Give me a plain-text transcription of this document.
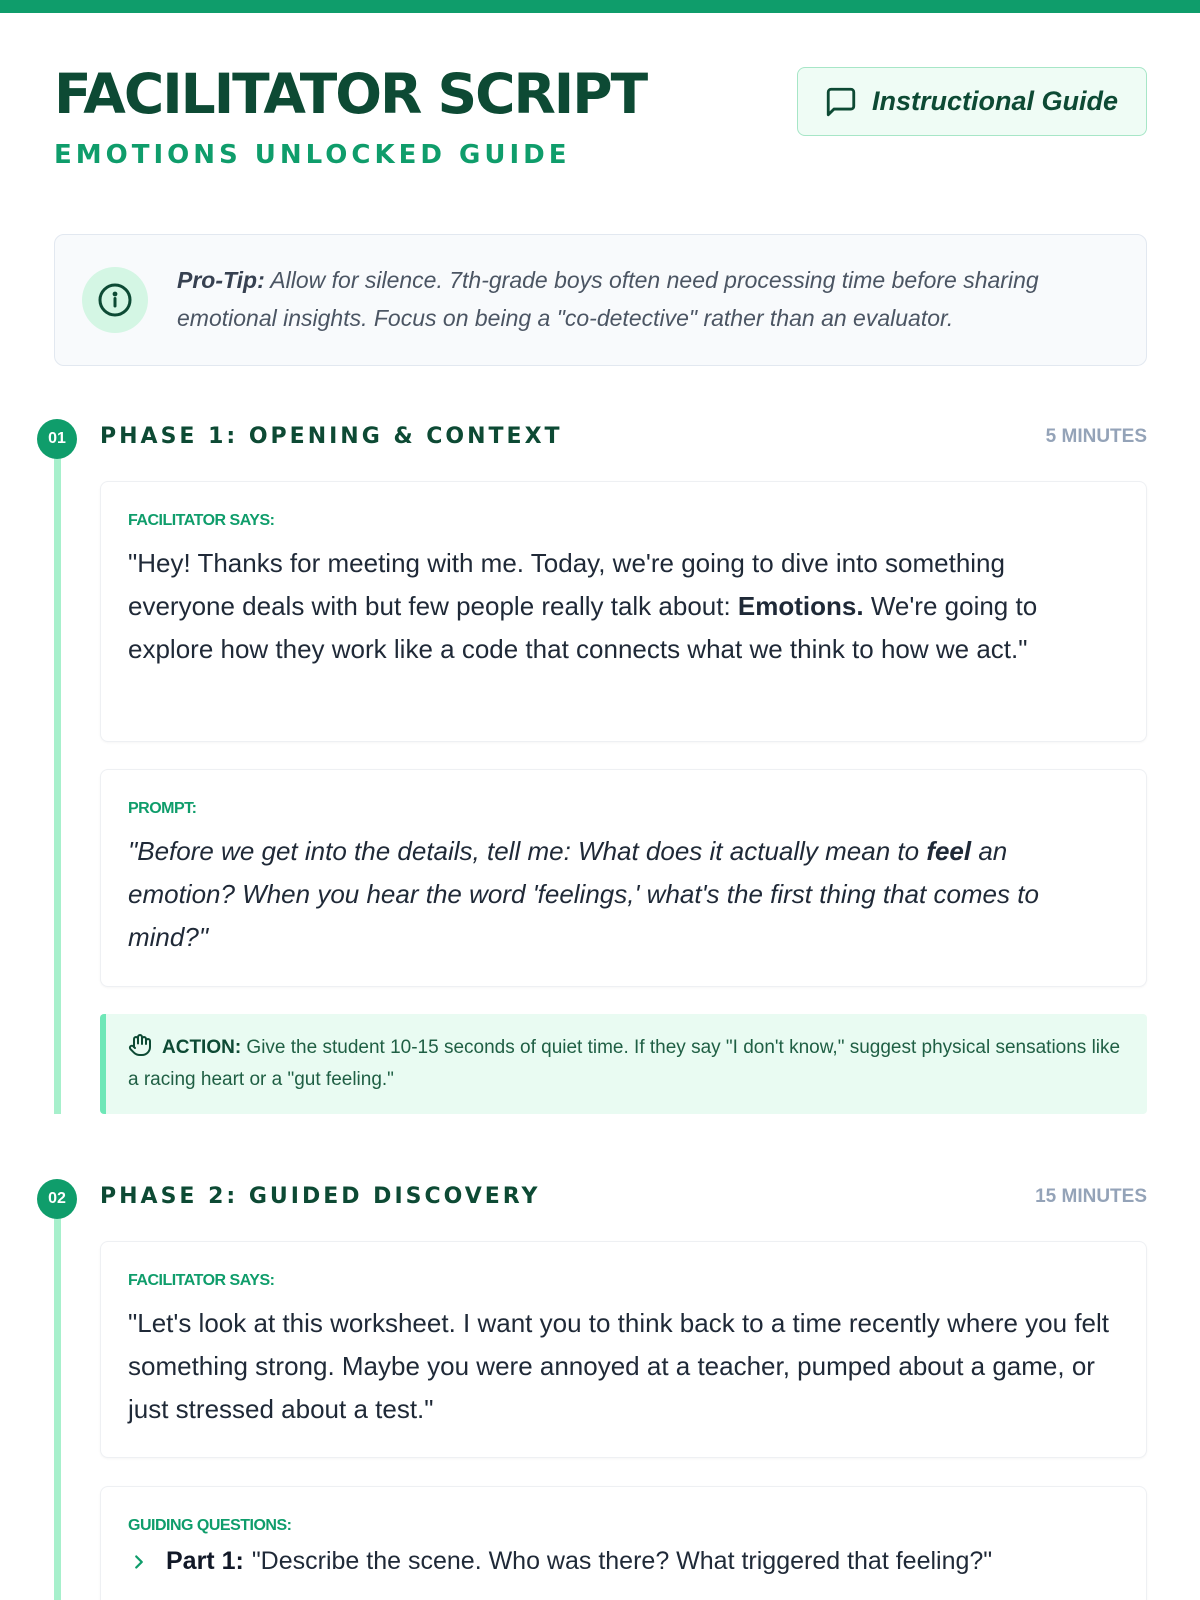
FACILITATOR SCRIPT
EMOTIONS UNLOCKED GUIDE
Instructional Guide
Pro-Tip: Allow for silence. 7th-grade boys often need processing time before sharing emotional insights. Focus on being a "co-detective" rather than an evaluator.
01	PHASE 1: OPENING & CONTEXT	5 MINUTES
FACILITATOR SAYS:
"Hey! Thanks for meeting with me. Today, we're going to dive into something everyone deals with but few people really talk about: Emotions. We're going to explore how they work like a code that connects what we think to how we act."
PROMPT:
"Before we get into the details, tell me: What does it actually mean to feel an emotion? When you hear the word 'feelings,' what's the first thing that comes to mind?"
ACTION: Give the student 10-15 seconds of quiet time. If they say "I don't know," suggest physical sensations like a racing heart or a "gut feeling."
02	PHASE 2: GUIDED DISCOVERY	15 MINUTES
FACILITATOR SAYS:
"Let's look at this worksheet. I want you to think back to a time recently where you felt something strong. Maybe you were annoyed at a teacher, pumped about a game, or just stressed about a test."
GUIDING QUESTIONS:
Part 1: "Describe the scene. Who was there? What triggered that feeling?"
